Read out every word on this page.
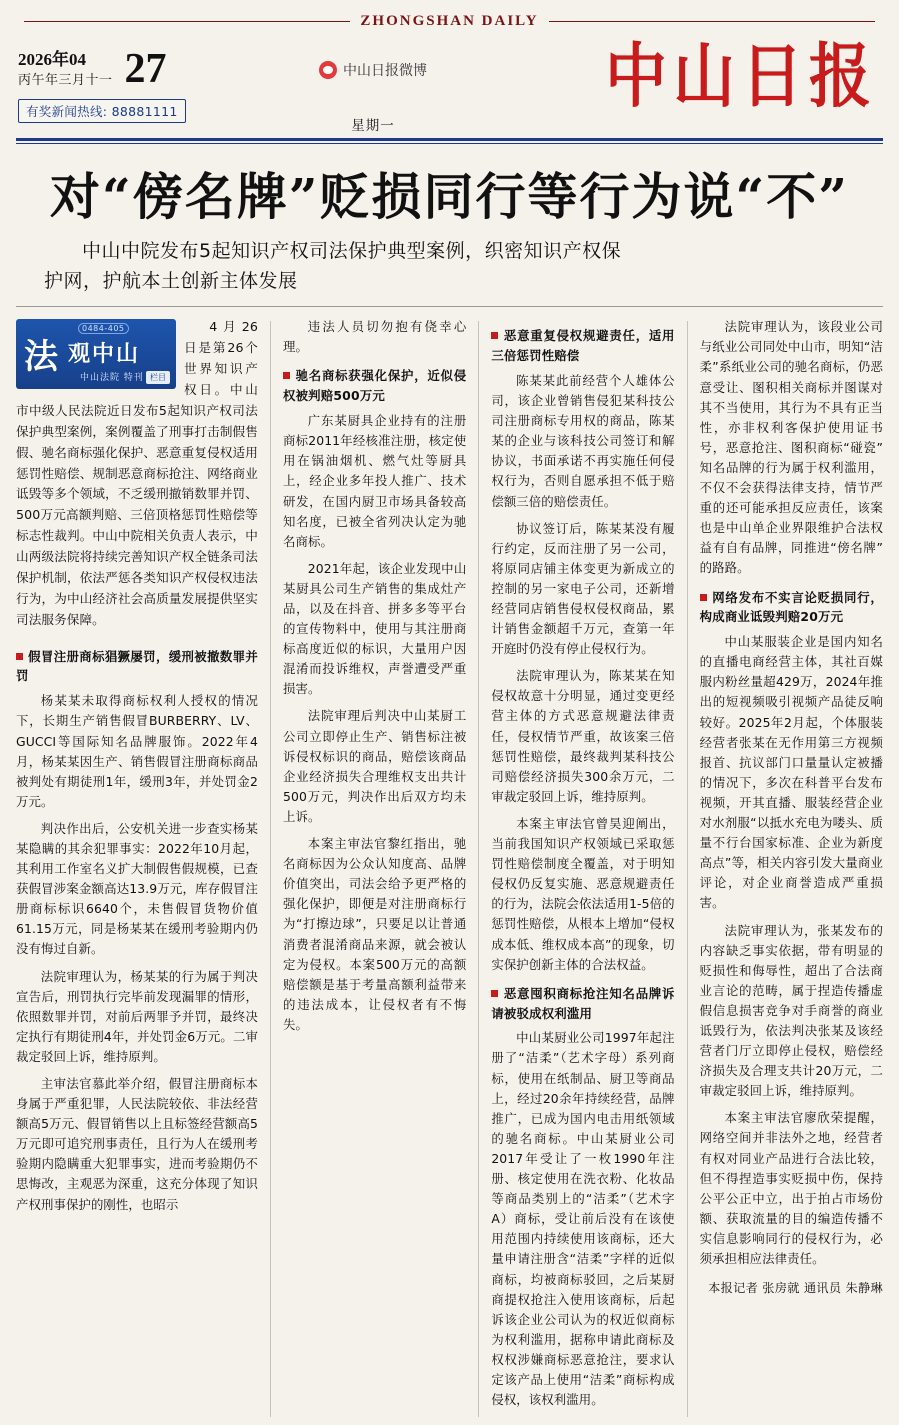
ZHONGSHAN DAILY
2026年04
丙午年三月十一 27
有奖新闻热线: 88881111
中山日报微博
星期一
中山日报
对“傍名牌”贬损同行等行为说“不”
中山中院发布5起知识产权司法保护典型案例，织密知识产权保
护网，护航本土创新主体发展
0484-405
法 观中山
中山法院 特刊 栏目

4月26日是第26个世界知识产权日。中山市中级人民法院近日发布5起知识产权司法保护典型案例，案例覆盖了刑事打击制假售假、驰名商标强化保护、恶意重复侵权适用惩罚性赔偿、规制恶意商标抢注、网络商业诋毁等多个领域，不乏缓刑撤销数罪并罚、500万元高额判赔、三倍顶格惩罚性赔偿等标志性裁判。中山中院相关负责人表示，中山两级法院将持续完善知识产权全链条司法保护机制，依法严惩各类知识产权侵权违法行为，为中山经济社会高质量发展提供坚实司法服务保障。

假冒注册商标猖獗屡罚，缓刑被撤数罪并罚

杨某某未取得商标权利人授权的情况下，长期生产销售假冒BURBERRY、LV、GUCCI等国际知名品牌服饰。2022年4月，杨某某因生产、销售假冒注册商标商品被判处有期徒刑1年，缓刑3年，并处罚金2万元。

判决作出后，公安机关进一步查实杨某某隐瞒的其余犯罪事实：2022年10月起，其利用工作室名义扩大制假售假规模，已查获假冒涉案金额高达13.9万元，库存假冒注册商标标识6640个，未售假冒货物价值61.15万元，同是杨某某在缓刑考验期内仍没有悔过自新。

法院审理认为，杨某某的行为属于判决宣告后，刑罚执行完毕前发现漏罪的情形，依照数罪并罚，对前后两罪予并罚，最终决定执行有期徒刑4年，并处罚金6万元。二审裁定驳回上诉，维持原判。

主审法官慕此举介绍，假冒注册商标本身属于严重犯罪，人民法院较依、非法经营额高5万元、假冒销售以上且标签经营额高5万元即可追究刑事责任，且行为人在缓刑考验期内隐瞒重大犯罪事实，进而考验期仍不思悔改，主观恶为深重，这充分体现了知识产权刑事保护的刚性，也昭示

违法人员切勿抱有侥幸心理。

驰名商标获强化保护，近似侵权被判赔500万元

广东某厨具企业持有的注册商标2011年经核准注册，核定使用在锅油烟机、燃气灶等厨具上，经企业多年投人推广、技术研发，在国内厨卫市场具备较高知名度，已被全省列决认定为驰名商标。

2021年起，该企业发现中山某厨具公司生产销售的集成灶产品，以及在抖音、拼多多等平台的宣传物料中，使用与其注册商标高度近似的标识，大量用户因混淆而投诉维权，声誉遭受严重损害。

法院审理后判决中山某厨工公司立即停止生产、销售标注被诉侵权标识的商品，赔偿该商品企业经济损失合理维权支出共计500万元，判决作出后双方均未上诉。

本案主审法官黎红指出，驰名商标因为公众认知度高、品牌价值突出，司法会给予更严格的强化保护，即便是对注册商标行为“打擦边球”，只要足以让普通消费者混淆商品来源，就会被认定为侵权。本案500万元的高额赔偿额是基于考量高额利益带来的违法成本，让侵权者有不悔失。

恶意重复侵权规避责任，适用三倍惩罚性赔偿

陈某某此前经营个人雄体公司，该企业曾销售侵犯某科技公司注册商标专用权的商品，陈某某的企业与该科技公司签订和解协议，书面承诺不再实施任何侵权行为，否则自愿承担不低于赔偿额三倍的赔偿责任。

协议签订后，陈某某没有履行约定，反而注册了另一公司，将原同店铺主体变更为新成立的控制的另一家电子公司，还新增经营同店销售侵权侵权商品，累计销售金额超千万元，查第一年开庭时仍没有停止侵权行为。

法院审理认为，陈某某在知侵权故意十分明显，通过变更经营主体的方式恶意规避法律责任，侵权情节严重，故该案三倍惩罚性赔偿，最终裁判某科技公司赔偿经济损失300余万元，二审裁定驳回上诉，维持原判。

本案主审法官曾昊迎阐出，当前我国知识产权领域已采取惩罚性赔偿制度全覆盖，对于明知侵权仍反复实施、恶意规避责任的行为，法院会依法适用1-5倍的惩罚性赔偿，从根本上增加“侵权成本低、维权成本高”的现象，切实保护创新主体的合法权益。

恶意囤积商标抢注知名品牌诉请被驳成权利滥用

中山某厨业公司1997年起注册了“洁柔”（艺术字母）系列商标，使用在纸制品、厨卫等商品上，经过20余年持续经营，品牌推广，已成为国内电击用纸领域的驰名商标。中山某厨业公司2017年受让了一枚1990年注册、核定使用在洗衣粉、化妆品等商品类别上的“洁柔”（艺术字A）商标，受让前后没有在该使用范围内持续使用该商标，还大量申请注册含“洁柔”字样的近似商标，均被商标驳回，之后某厨商提权抢注入使用该商标，后起诉该企业公司认为的权近似商标为权利滥用，据称申请此商标及权权涉嫌商标恶意抢注，要求认定该产品上使用“洁柔”商标构成侵权，该权利滥用。

法院审理认为，该段业公司与纸业公司同处中山市，明知“洁柔”系纸业公司的驰名商标，仍恶意受让、图积相关商标并图谋对其不当使用，其行为不具有正当性，亦非权利客保护使用证书号，恶意抢注、图积商标“碰瓷”知名品牌的行为属于权利滥用，不仅不会获得法律支持，情节严重的还可能承担反应责任，该案也是中山单企业界限维护合法权益有自有品牌，同推进“傍名牌”的路路。

网络发布不实言论贬损同行，构成商业诋毁判赔20万元

中山某服装企业是国内知名的直播电商经营主体，其社百媒服内粉丝量超429万，2024年推出的短视频吸引视频产品徒反响较好。2025年2月起，个体服装经营者张某在无作用第三方视频报首、抗议部门口量量认定被播的情况下，多次在科普平台发布视频，开其直播、服装经营企业对水剂服“以抵水充电为喽头、质量不行台国家标准、企业为新度高点”等，相关内容引发大量商业评论，对企业商誉造成严重损害。

法院审理认为，张某发布的内容缺乏事实依据，带有明显的贬损性和侮辱性，超出了合法商业言论的范畴，属于捏造传播虚假信息损害竞争对手商誉的商业诋毁行为，依法判决张某及该经营者门厅立即停止侵权，赔偿经济损失及合理支共计20万元，二审裁定驳回上诉，维持原判。

本案主审法官廖欣荣提醒，网络空间并非法外之地，经营者有权对同业产品进行合法比较，但不得捏造事实贬损中伤，保持公平公正中立，出于拍占市场份额、获取流量的目的编造传播不实信息影响同行的侵权行为，必须承担相应法律责任。

本报记者 张房就 通讯员 朱静琳
